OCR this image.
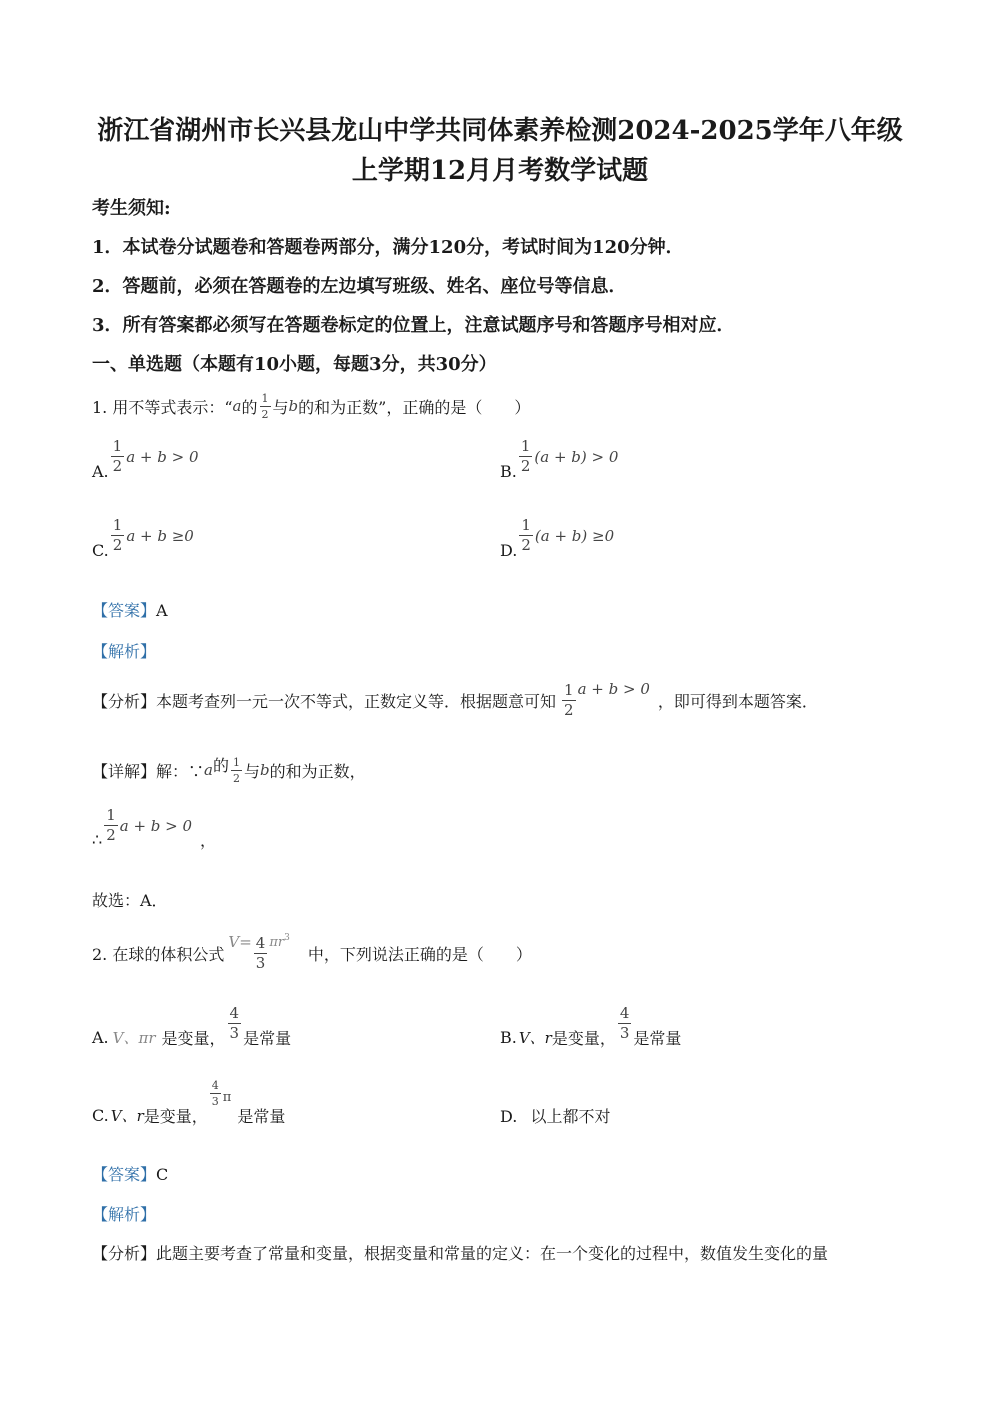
浙江省湖州市长兴县龙山中学共同体素养检测2024-2025学年八年级
上学期12月月考数学试题
考生须知:
1．本试卷分试题卷和答题卷两部分，满分120分，考试时间为120分钟．
2．答题前，必须在答题卷的左边填写班级、姓名、座位号等信息．
3．所有答案都必须写在答题卷标定的位置上，注意试题序号和答题序号相对应．
一、单选题（本题有10小题，每题3分，共30分）
1. 用不等式表示：“ a 的 $\frac{1}{2}$ 与 b 的和为正数”，正确的是（　　）
A. $\frac{1}{2}$ a + b > 0
B. $\frac{1}{2} (a + b) > 0$
C. $\frac{1}{2}$ a + b ≥0
D. $\frac{1}{2} (a + b) \ge 0$
【答案】A
【解析】
【分析】 本题考查列一元一次不等式，正数定义等．根据题意可知 $\frac{1}{2}$ a + b > 0
，即可得到本题答案．
【详解】 解：∵ a 的 $\frac{1}{2}$ 与 b 的和为正数，
∴ $\frac{1}{2}$ a + b > 0
，
故选：A．
2. 在球的体积公式
$V = \frac{4}{3}$ πr 3
中，下列说法正确的是（　　）
A. V、πr 是变量， $\frac{4}{3}$ 是常量	B. V、r 是变量， $\frac{4}{3}$ 是常量
C. V、r 是变量，
$\frac{4}{3}$ π
是常量	D. 以上都不对
【答案】C
【解析】
【分析】此题主要考查了常量和变量，根据变量和常量的定义：在一个变化的过程中，数值发生变化的量
